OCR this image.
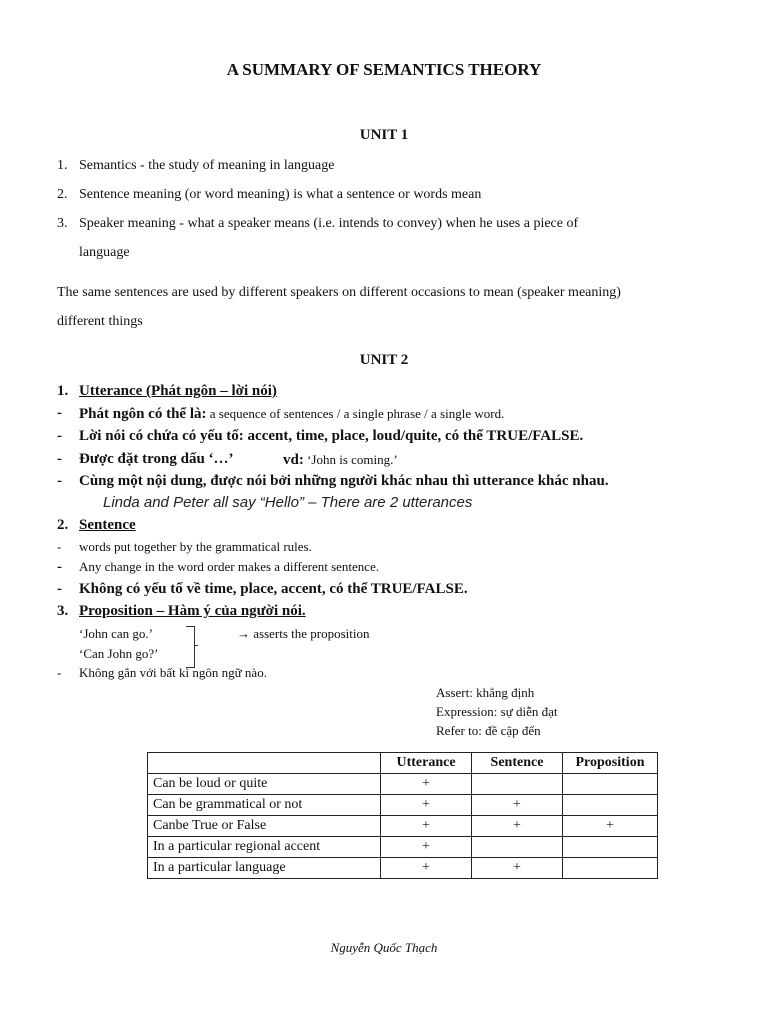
A SUMMARY OF SEMANTICS THEORY
UNIT 1
1. Semantics - the study of meaning in language
2. Sentence meaning (or word meaning) is what a sentence or words mean
3. Speaker meaning - what a speaker means (i.e. intends to convey) when he uses a piece of
language
The same sentences are used by different speakers on different occasions to mean (speaker meaning)
different things
UNIT 2
1. Utterance (Phát ngôn – lời nói)
-	Phát ngôn có thể là: a sequence of sentences / a single phrase / a single word.
-	Lời nói có chứa có yếu tố: accent, time, place, loud/quite, có thể TRUE/FALSE.
-	Được đặt trong dấu ‘…’	vd: ‘John is coming.’
-	Cùng một nội dung, được nói bởi những người khác nhau thì utterance khác nhau.
Linda and Peter all say “Hello” – There are 2 utterances
2. Sentence
-	words put together by the grammatical rules.
-	Any change in the word order makes a different sentence.
-	Không có yếu tố về time, place, accent, có thể TRUE/FALSE.
3. Proposition – Hàm ý của người nói.
‘John can go.’
‘Can John go?’
→ asserts the proposition
-	Không gắn với bất kì ngôn ngữ nào.
Assert: khẳng định
Expression: sự diễn đạt
Refer to: đề cập đến
	Utterance	Sentence	Proposition
Can be loud or quite	+		
Can be grammatical or not	+	+	
Canbe True or False	+	+	+
In a particular regional accent	+		
In a particular language	+	+	
Nguyễn Quốc Thạch
